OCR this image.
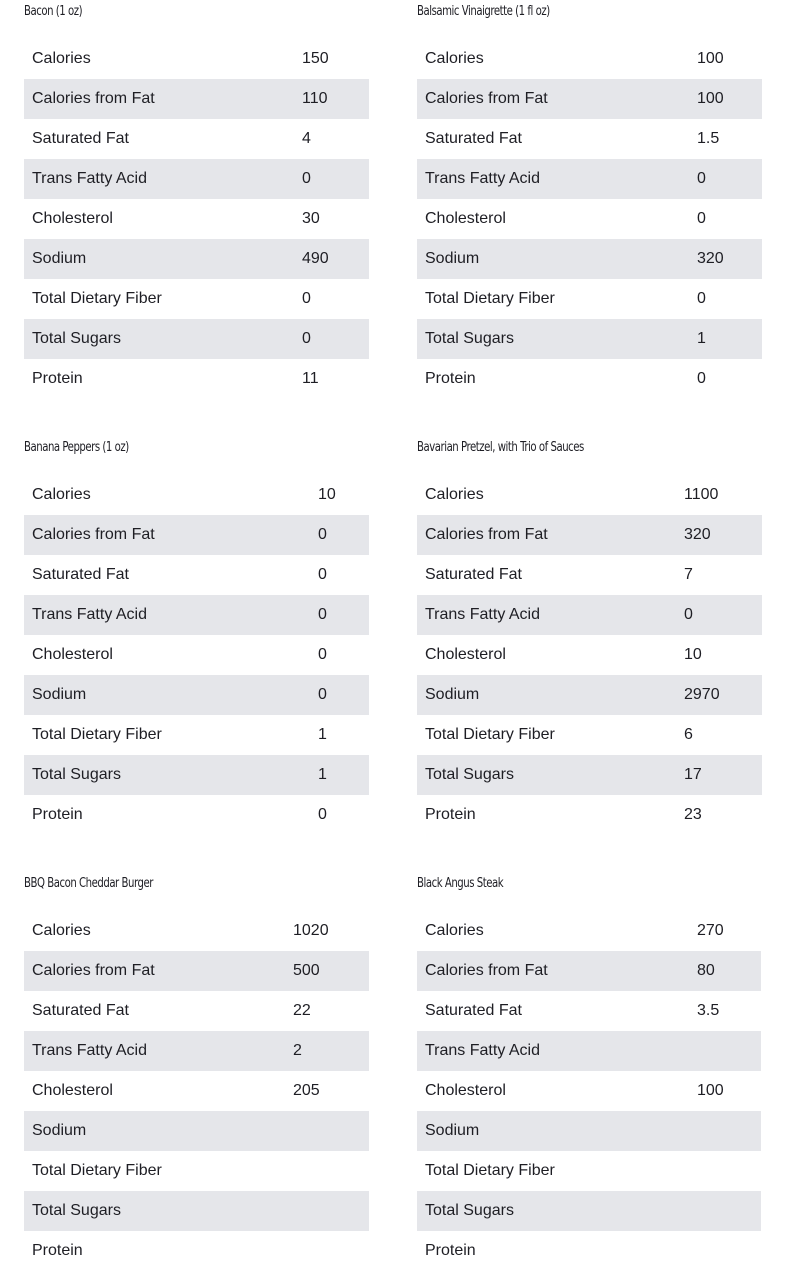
Bacon (1 oz)
Calories	150
Calories from Fat	110
Saturated Fat	4
Trans Fatty Acid	0
Cholesterol	30
Sodium	490
Total Dietary Fiber	0
Total Sugars	0
Protein	11
Balsamic Vinaigrette (1 fl oz)
Calories	100
Calories from Fat	100
Saturated Fat	1.5
Trans Fatty Acid	0
Cholesterol	0
Sodium	320
Total Dietary Fiber	0
Total Sugars	1
Protein	0
Banana Peppers (1 oz)
Calories	10
Calories from Fat	0
Saturated Fat	0
Trans Fatty Acid	0
Cholesterol	0
Sodium	0
Total Dietary Fiber	1
Total Sugars	1
Protein	0
Bavarian Pretzel, with Trio of Sauces
Calories	1100
Calories from Fat	320
Saturated Fat	7
Trans Fatty Acid	0
Cholesterol	10
Sodium	2970
Total Dietary Fiber	6
Total Sugars	17
Protein	23
BBQ Bacon Cheddar Burger
Calories	1020
Calories from Fat	500
Saturated Fat	22
Trans Fatty Acid	2
Cholesterol	205
Sodium
Total Dietary Fiber
Total Sugars
Protein
Black Angus Steak
Calories	270
Calories from Fat	80
Saturated Fat	3.5
Trans Fatty Acid
Cholesterol	100
Sodium
Total Dietary Fiber
Total Sugars
Protein
